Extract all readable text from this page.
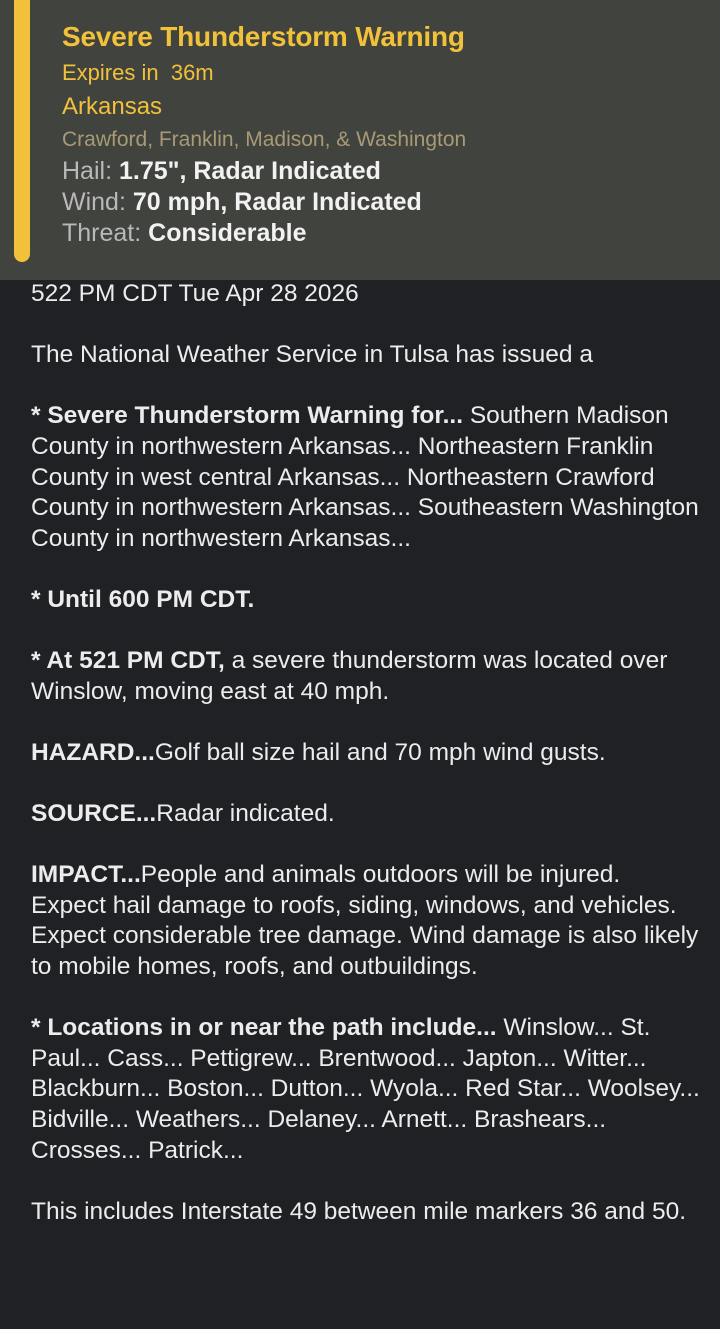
Severe Thunderstorm Warning
Expires in 36m
Arkansas
Crawford, Franklin, Madison, & Washington
Hail: 1.75", Radar Indicated
Wind: 70 mph, Radar Indicated
Threat: Considerable

522 PM CDT Tue Apr 28 2026

The National Weather Service in Tulsa has issued a

* Severe Thunderstorm Warning for... Southern Madison County in northwestern Arkansas... Northeastern Franklin County in west central Arkansas... Northeastern Crawford County in northwestern Arkansas... Southeastern Washington County in northwestern Arkansas...

* Until 600 PM CDT.

* At 521 PM CDT, a severe thunderstorm was located over Winslow, moving east at 40 mph.

HAZARD...Golf ball size hail and 70 mph wind gusts.

SOURCE...Radar indicated.

IMPACT...People and animals outdoors will be injured. Expect hail damage to roofs, siding, windows, and vehicles. Expect considerable tree damage. Wind damage is also likely to mobile homes, roofs, and outbuildings.

* Locations in or near the path include... Winslow... St. Paul... Cass... Pettigrew... Brentwood... Japton... Witter... Blackburn... Boston... Dutton... Wyola... Red Star... Woolsey... Bidville... Weathers... Delaney... Arnett... Brashears... Crosses... Patrick...

This includes Interstate 49 between mile markers 36 and 50.
